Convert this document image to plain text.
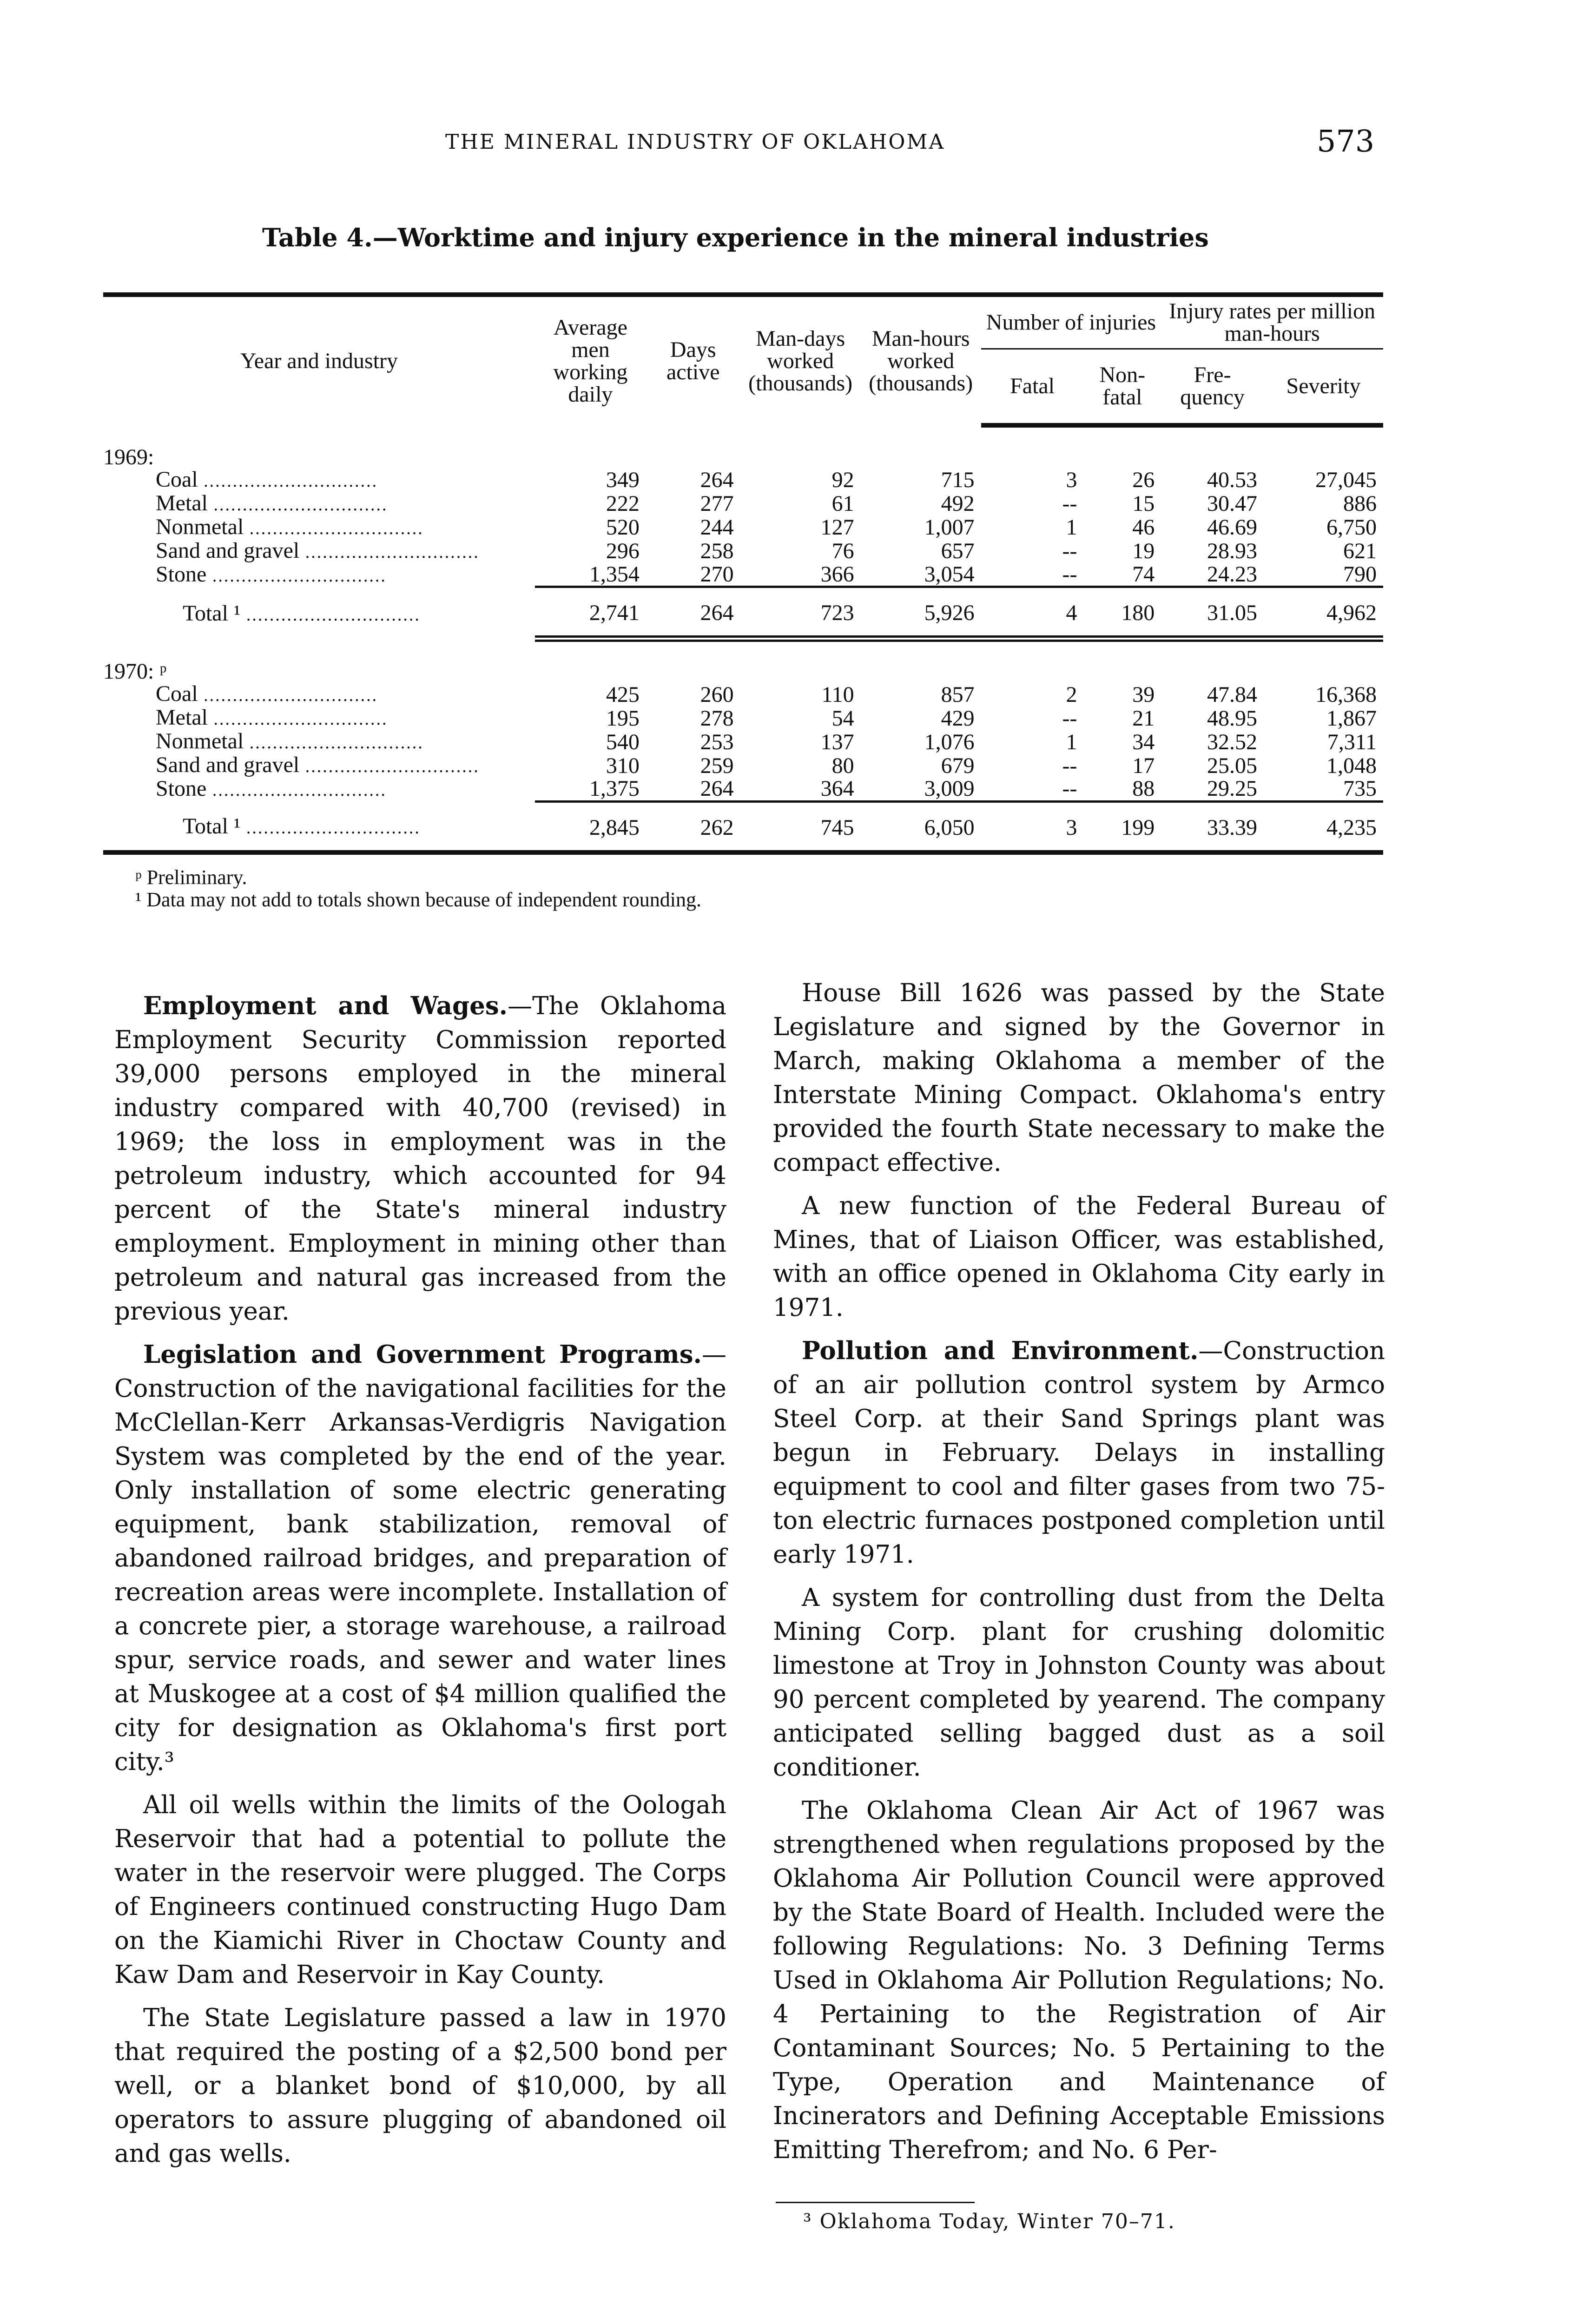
THE MINERAL INDUSTRY OF OKLAHOMA	573
Table 4.—Worktime and injury experience in the mineral industries
Year and industry	Average men working daily	Days active	Man-days worked (thousands)	Man-hours worked (thousands)	Number of injuries		Injury rates per million man-hours	
					Fatal	Non-fatal	Fre-quency	Severity
1969:								
Coal .....	349	264	92	715	3	26	40.53	27,045
Metal .....	222	277	61	492	--	15	30.47	886
Nonmetal .....	520	244	127	1,007	1	46	46.69	6,750
Sand and gravel .....	296	258	76	657	--	19	28.93	621
Stone .....	1,354	270	366	3,054	--	74	24.23	790
Total ¹ .....	2,741	264	723	5,926	4	180	31.05	4,962
1970: ᵖ								
Coal .....	425	260	110	857	2	39	47.84	16,368
Metal .....	195	278	54	429	--	21	48.95	1,867
Nonmetal .....	540	253	137	1,076	1	34	32.52	7,311
Sand and gravel .....	310	259	80	679	--	17	25.05	1,048
Stone .....	1,375	264	364	3,009	--	88	29.25	735
Total ¹ .....	2,845	262	745	6,050	3	199	33.39	4,235
ᵖ Preliminary.
¹ Data may not add to totals shown because of independent rounding.

Employment and Wages.—The Oklahoma Employment Security Commission reported 39,000 persons employed in the mineral industry compared with 40,700 (revised) in 1969; the loss in employment was in the petroleum industry, which accounted for 94 percent of the State's mineral industry employment. Employment in mining other than petroleum and natural gas increased from the previous year.

Legislation and Government Programs.—Construction of the navigational facilities for the McClellan-Kerr Arkansas-Verdigris Navigation System was completed by the end of the year. Only installation of some electric generating equipment, bank stabilization, removal of abandoned railroad bridges, and preparation of recreation areas were incomplete. Installation of a concrete pier, a storage warehouse, a railroad spur, service roads, and sewer and water lines at Muskogee at a cost of $4 million qualified the city for designation as Oklahoma's first port city.³

All oil wells within the limits of the Oologah Reservoir that had a potential to pollute the water in the reservoir were plugged. The Corps of Engineers continued constructing Hugo Dam on the Kiamichi River in Choctaw County and Kaw Dam and Reservoir in Kay County.

The State Legislature passed a law in 1970 that required the posting of a $2,500 bond per well, or a blanket bond of $10,000, by all operators to assure plugging of abandoned oil and gas wells.

House Bill 1626 was passed by the State Legislature and signed by the Governor in March, making Oklahoma a member of the Interstate Mining Compact. Oklahoma's entry provided the fourth State necessary to make the compact effective.

A new function of the Federal Bureau of Mines, that of Liaison Officer, was established, with an office opened in Oklahoma City early in 1971.

Pollution and Environment.—Construction of an air pollution control system by Armco Steel Corp. at their Sand Springs plant was begun in February. Delays in installing equipment to cool and filter gases from two 75-ton electric furnaces postponed completion until early 1971.

A system for controlling dust from the Delta Mining Corp. plant for crushing dolomitic limestone at Troy in Johnston County was about 90 percent completed by yearend. The company anticipated selling bagged dust as a soil conditioner.

The Oklahoma Clean Air Act of 1967 was strengthened when regulations proposed by the Oklahoma Air Pollution Council were approved by the State Board of Health. Included were the following Regulations: No. 3 Defining Terms Used in Oklahoma Air Pollution Regulations; No. 4 Pertaining to the Registration of Air Contaminant Sources; No. 5 Pertaining to the Type, Operation and Maintenance of Incinerators and Defining Acceptable Emissions Emitting Therefrom; and No. 6 Per-

³ Oklahoma Today, Winter 70–71.
